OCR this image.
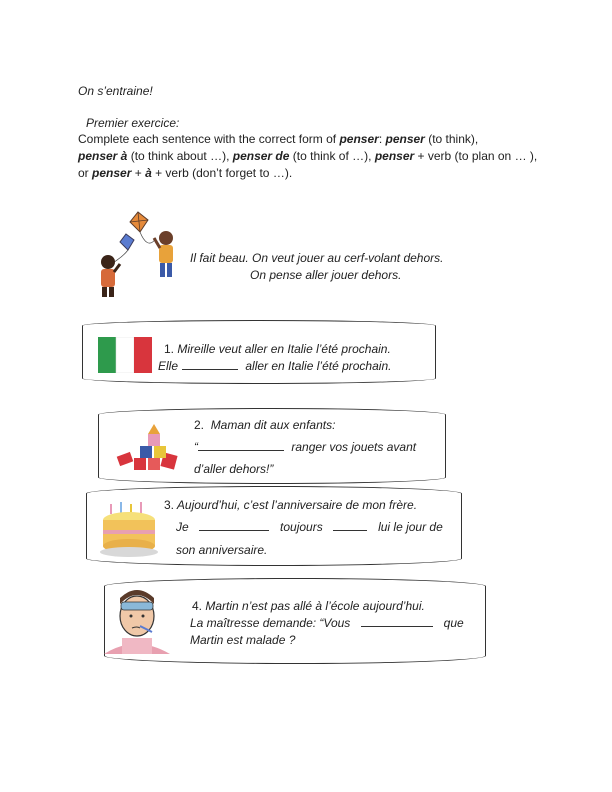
On s’entraine!
Premier exercice:
Complete each sentence with the correct form of penser: penser (to think),
penser à (to think about …), penser de (to think of …), penser + verb (to plan on … ),
or penser + à + verb (don’t forget to …).
Il fait beau. On veut jouer au cerf-volant dehors.
On pense aller jouer dehors.
1. Mireille veut aller en Italie l’été prochain.
Elle	aller en Italie l’été prochain.
2. Maman dit aux enfants:
“	ranger vos jouets avant
d’aller dehors!”
3. Aujourd’hui, c’est l’anniversaire de mon frère.
Je	toujours	lui le jour de
son anniversaire.
4. Martin n’est pas allé à l’école aujourd’hui.
La maîtresse demande: “Vous	que
Martin est malade ?
